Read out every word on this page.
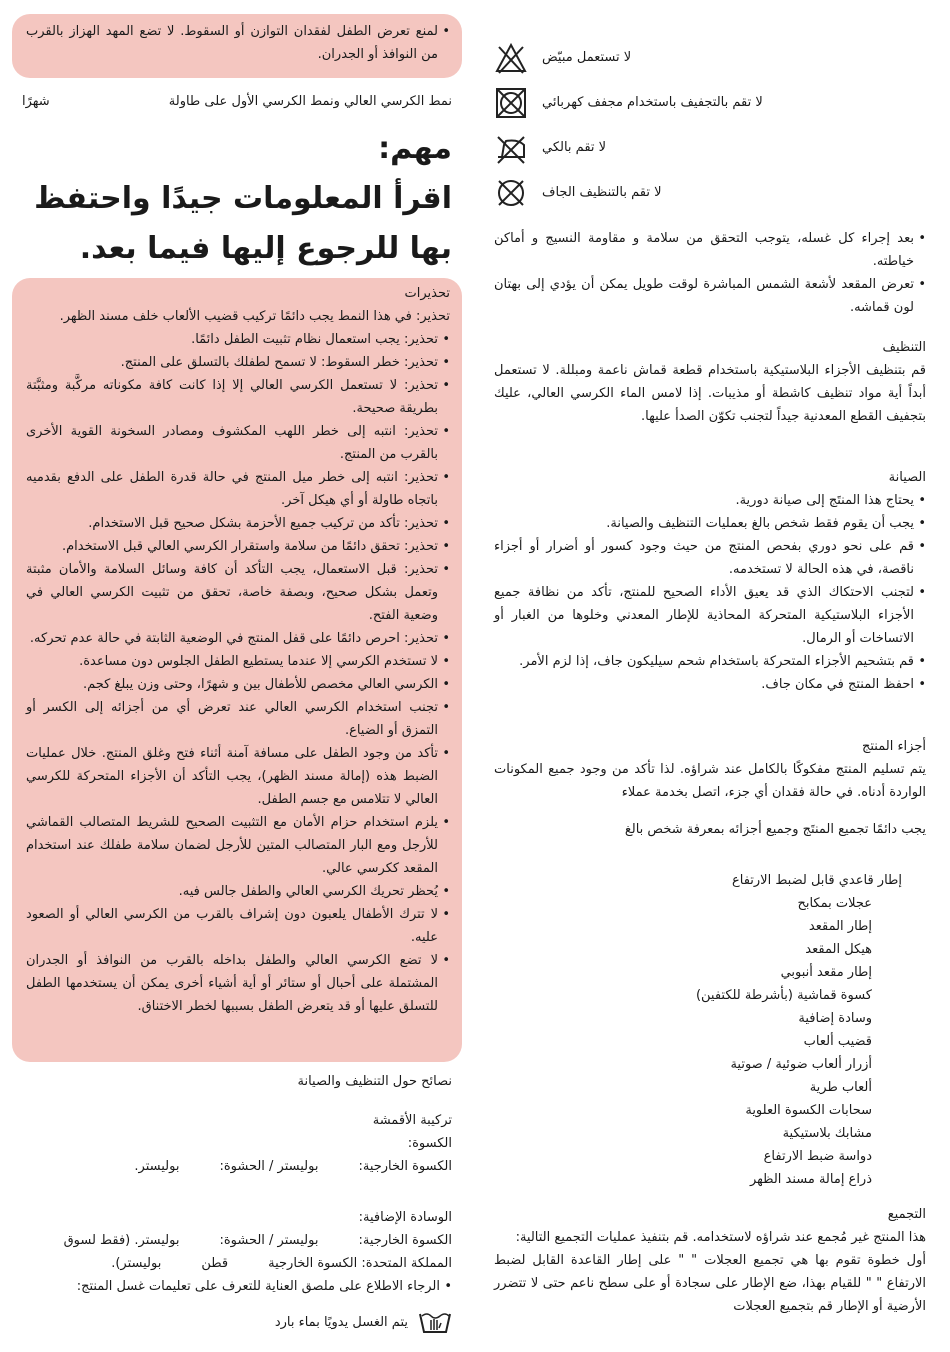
لا تستعمل مبيّض
لا تقم بالتجفيف باستخدام مجفف كهربائي
لا تقم بالكي
لا تقم بالتنظيف الجاف
• بعد إجراء كل غسله، يتوجب التحقق من سلامة و مقاومة النسيج و أماكن خياطته.
• تعرض المقعد لأشعة الشمس المباشرة لوقت طويل يمكن أن يؤدي إلى بهتان لون قماشه.

التنظيف

قم بتنظيف الأجزاء البلاستيكية باستخدام قطعة قماش ناعمة ومبللة. لا تستعمل أبداً أية مواد تنظيف كاشطة أو مذيبات. إذا لامس الماء الكرسي العالي، عليك بتجفيف القطع المعدنية جيداً لتجنب تكوّن الصدأ عليها.

الصيانة

• يحتاج هذا المنتَج إلى صيانة دورية.
• يجب أن يقوم فقط شخص بالغ بعمليات التنظيف والصيانة.
• قم على نحو دوري بفحص المنتج من حيث وجود كسور أو أضرار أو أجزاء ناقصة، في هذه الحالة لا تستخدمه.
• لتجنب الاحتكاك الذي قد يعيق الأداء الصحيح للمنتج، تأكد من نظافة جميع الأجزاء البلاستيكية المتحركة المحاذية للإطار المعدني وخلوها من الغبار أو الاتساخات أو الرمال.
• قم بتشحيم الأجزاء المتحركة باستخدام شحم سيليكون جاف، إذا لزم الأمر.
• احفظ المنتج في مكان جاف.

أجزاء المنتج

يتم تسليم المنتج مفكوكًا بالكامل عند شراؤه. لذا تأكد من وجود جميع المكونات الواردة أدناه. في حالة فقدان أي جزء، اتصل بخدمة عملاء

يجب دائمًا تجميع المنتَج وجميع أجزائه بمعرفة شخص بالغ

إطار قاعدي قابل لضبط الارتفاع
عجلات بمكابح
إطار المقعد
هيكل المقعد
إطار مقعد أنبوبي
كسوة قماشية (بأشرطة للكتفين)
وسادة إضافية
قضيب ألعاب
أزرار ألعاب ضوئية / صوتية
ألعاب طرية
سحابات الكسوة العلوية
مشابك بلاستيكية
دواسة ضبط الارتفاع
ذراع إمالة مسند الظهر

التجميع

هذا المنتج غير مُجمع عند شراؤه لاستخدامه. قم بتنفيذ عمليات التجميع التالية:

أول خطوة تقوم بها هي تجميع العجلات " " على إطار القاعدة القابل لضبط الارتفاع " " للقيام بهذا، ضع الإطار على سجادة أو على سطح ناعم حتى لا تتضرر الأرضية أو الإطار قم بتجميع العجلات

• لمنع تعرض الطفل لفقدان التوازن أو السقوط. لا تضع المهد الهزاز بالقرب من النوافذ أو الجدران.
نمط الكرسي العالي ونمط الكرسي الأول على طاولة
شهرًا
مهم:
اقرأ المعلومات جيدًا واحتفظ
بها للرجوع إليها فيما بعد.

تحذيرات

تحذير: في هذا النمط يجب دائمًا تركيب قضيب الألعاب خلف مسند الظهر.

• تحذير: يجب استعمال نظام تثبيت الطفل دائمًا.
• تحذير: خطر السقوط: لا تسمح لطفلك بالتسلق على المنتج.
• تحذير: لا تستعمل الكرسي العالي إلا إذا كانت كافة مكوناته مركَّبة ومثبَّتة بطريقة صحيحة.
• تحذير: انتبه إلى خطر اللهب المكشوف ومصادر السخونة القوية الأخرى بالقرب من المنتج.
• تحذير: انتبه إلى خطر ميل المنتج في حالة قدرة الطفل على الدفع بقدميه باتجاه طاولة أو أي هيكل آخر.
• تحذير: تأكد من تركيب جميع الأحزمة بشكل صحيح قبل الاستخدام.
• تحذير: تحقق دائمًا من سلامة واستقرار الكرسي العالي قبل الاستخدام.
• تحذير: قبل الاستعمال، يجب التأكد أن كافة وسائل السلامة والأمان مثبتة وتعمل بشكل صحيح، وبصفة خاصة، تحقق من تثبيت الكرسي العالي في وضعية الفتح.
• تحذير: احرص دائمًا على قفل المنتج في الوضعية الثابتة في حالة عدم تحركه.
• لا تستخدم الكرسي إلا عندما يستطيع الطفل الجلوس دون مساعدة.
• الكرسي العالي مخصص للأطفال بين و شهرًا، وحتى وزن يبلغ كجم.
• تجنب استخدام الكرسي العالي عند تعرض أي من أجزائه إلى الكسر أو التمزق أو الضياع.
• تأكد من وجود الطفل على مسافة آمنة أثناء فتح وغلق المنتج. خلال عمليات الضبط هذه (إمالة مسند الظهر)، يجب التأكد أن الأجزاء المتحركة للكرسي العالي لا تتلامس مع جسم الطفل.
• يلزم استخدام حزام الأمان مع التثبيت الصحيح للشريط المتصالب القماشي للأرجل ومع البار المتصالب المتين للأرجل لضمان سلامة طفلك عند استخدام المقعد ككرسي عالي.
• يُحظر تحريك الكرسي العالي والطفل جالس فيه.
• لا تترك الأطفال يلعبون دون إشراف بالقرب من الكرسي العالي أو الصعود عليه.
• لا تضع الكرسي العالي والطفل بداخله بالقرب من النوافذ أو الجدران المشتملة على أحبال أو ستائر أو أية أشياء أخرى يمكن أن يستخدمها الطفل للتسلق عليها أو قد يتعرض الطفل بسببها لخطر الاختناق.

نصائح حول التنظيف والصيانة

تركيبة الأقمشة

الكسوة:

الكسوة الخارجية:
بوليستر / الحشوة:
بوليستر.

الوسادة الإضافية:

الكسوة الخارجية:
بوليستر / الحشوة:
بوليستر. (فقط لسوق
المملكة المتحدة: الكسوة الخارجية
قطن
بوليستر).
• الرجاء الاطلاع على ملصق العناية للتعرف على تعليمات غسل المنتج:
يتم الغسل يدويًا بماء بارد
